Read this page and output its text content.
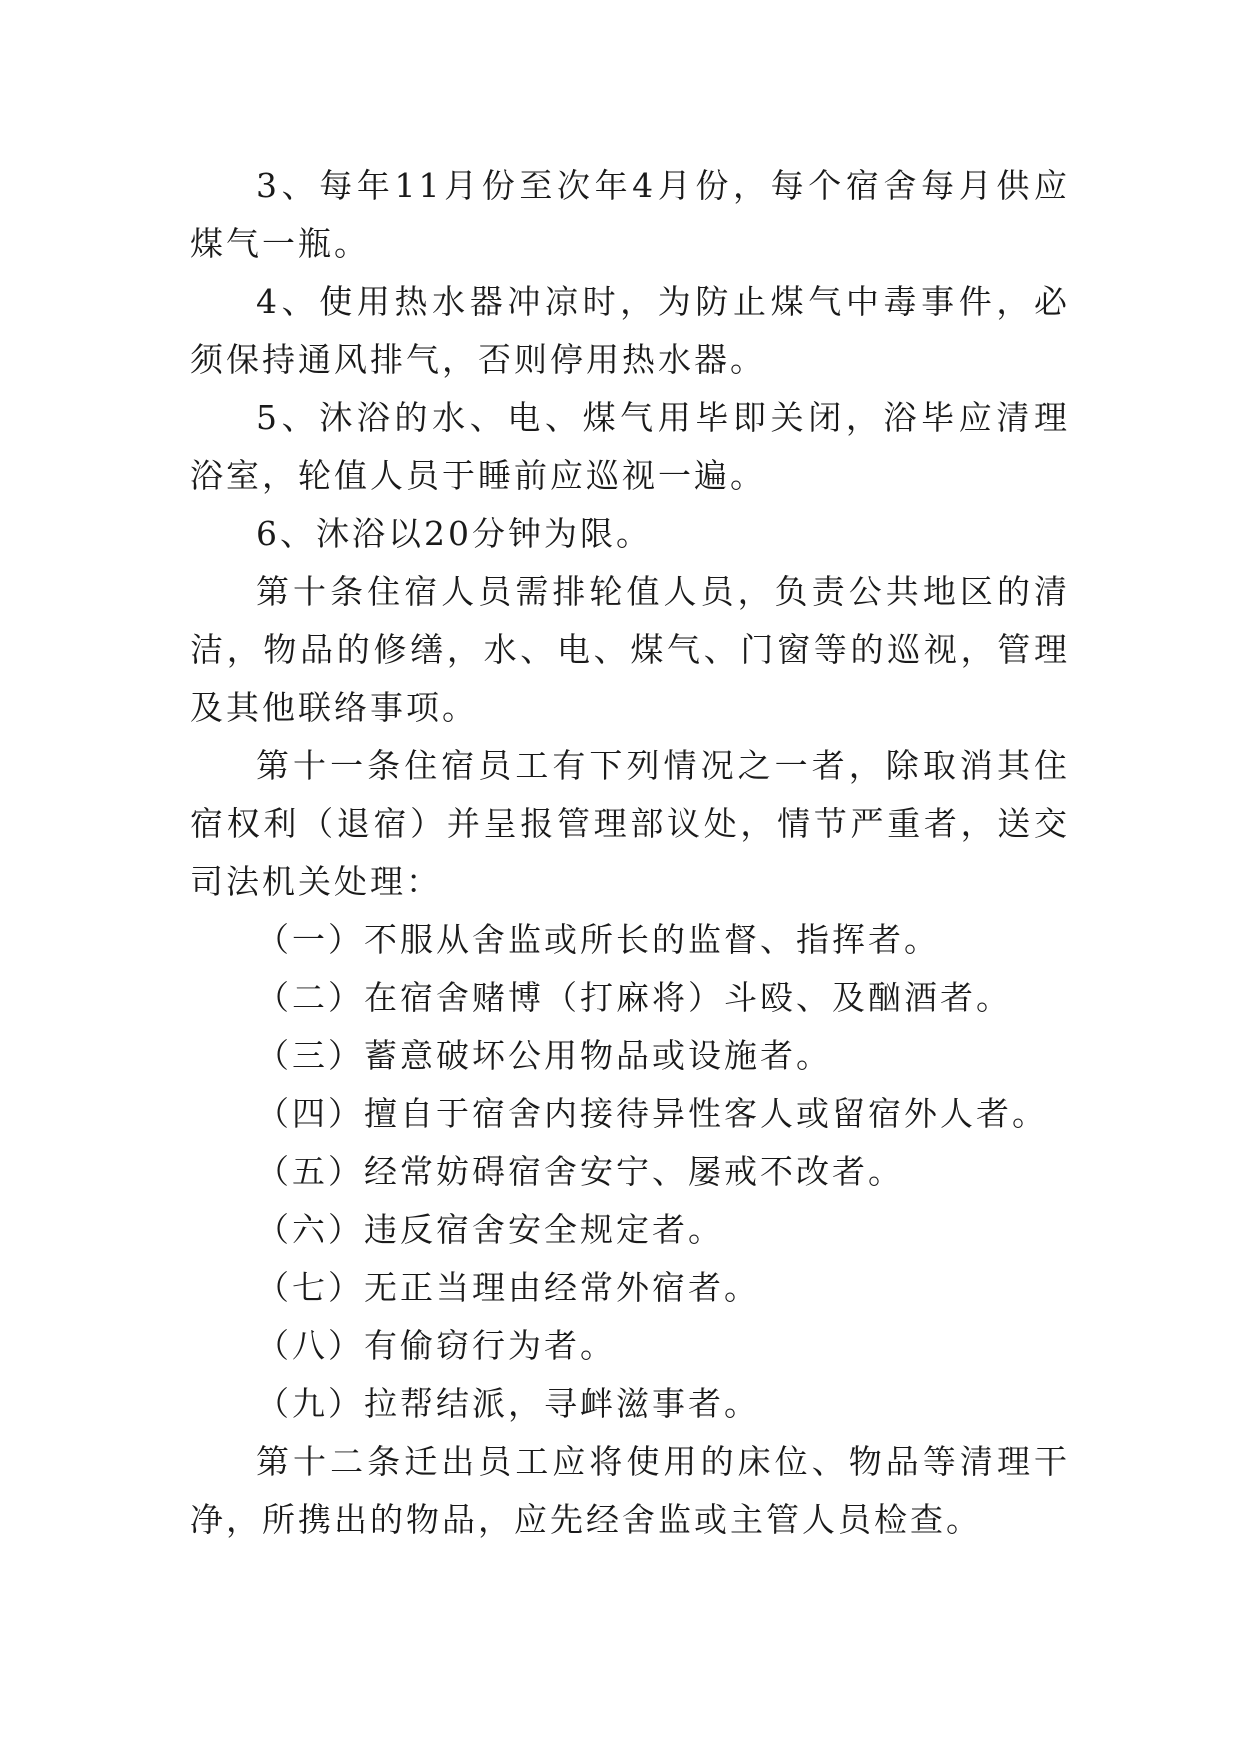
3、每年11月份至次年4月份，每个宿舍每月供应煤气一瓶。

4、使用热水器冲凉时，为防止煤气中毒事件，必须保持通风排气，否则停用热水器。

5、沐浴的水、电、煤气用毕即关闭，浴毕应清理浴室，轮值人员于睡前应巡视一遍。

6、沐浴以20分钟为限。

第十条住宿人员需排轮值人员，负责公共地区的清洁，物品的修缮，水、电、煤气、门窗等的巡视，管理及其他联络事项。

第十一条住宿员工有下列情况之一者，除取消其住宿权利（退宿）并呈报管理部议处，情节严重者，送交司法机关处理：

（一）不服从舍监或所长的监督、指挥者。

（二）在宿舍赌博（打麻将）斗殴、及酗酒者。

（三）蓄意破坏公用物品或设施者。

（四）擅自于宿舍内接待异性客人或留宿外人者。

（五）经常妨碍宿舍安宁、屡戒不改者。

（六）违反宿舍安全规定者。

（七）无正当理由经常外宿者。

（八）有偷窃行为者。

（九）拉帮结派，寻衅滋事者。

第十二条迁出员工应将使用的床位、物品等清理干净，所携出的物品，应先经舍监或主管人员检查。
